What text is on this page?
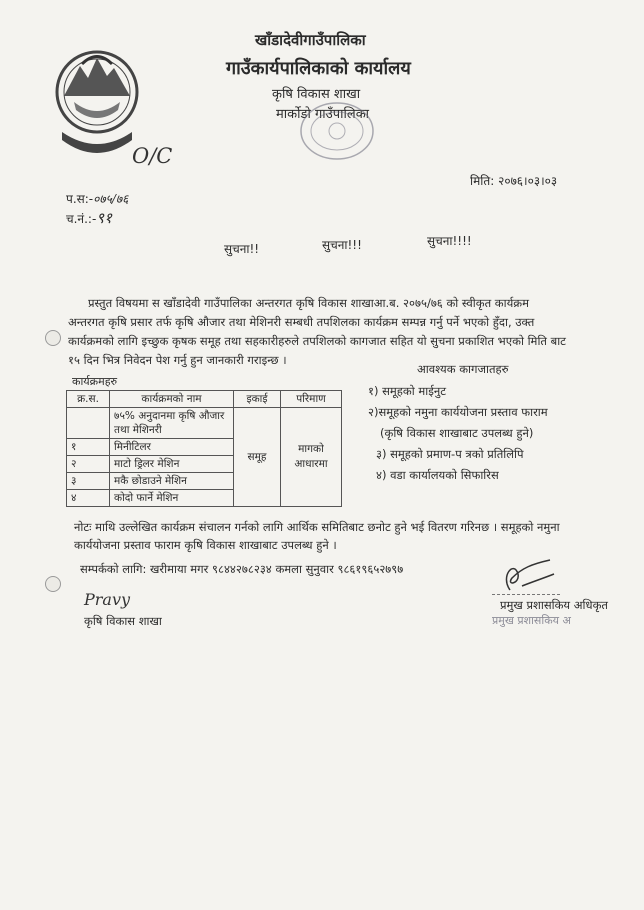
खाँडादेवीगाउँपालिका
गाउँकार्यपालिकाको कार्यालय
कृषि विकास शाखा
मार्कोडो गाउँपालिका
O/C
मिति: २०७६।०३।०३
प.स:-०७५/७६
च.नं.:-९१
सुचना!!	सुचना!!!	सुचना!!!!
प्रस्तुत विषयमा स खाँडादेवी गाउँपालिका अन्तरगत कृषि विकास शाखाआ.ब. २०७५/७६ को स्वीकृत कार्यक्रम
अन्तरगत कृषि प्रसार तर्फ कृषि औजार तथा मेशिनरी सम्बधी तपशिलका कार्यक्रम सम्पन्न गर्नु पर्ने भएको हुँदा, उक्त
कार्यक्रमको लागि इच्छुक कृषक समूह तथा सहकारीहरुले तपशिलको कागजात सहित यो सुचना प्रकाशित भएको मिति बाट
१५ दिन भित्र निवेदन पेश गर्नु हुन जानकारी गराइन्छ ।
कार्यक्रमहरु
क्र.स.	कार्यक्रमको नाम	इकाई	परिमाण
	७५% अनुदानमा कृषि औजार तथा मेशिनरी	समूह	मागको आधारमा
१	मिनीटिलर		
२	माटो ड्रिलर मेशिन		
३	मकै छोडाउने मेशिन		
४	कोदो फार्ने मेशिन		
आवश्यक कागजातहरु
१) समूहको माईनुट
२)समूहको नमुना कार्ययोजना प्रस्ताव फाराम
(कृषि विकास शाखाबाट उपलब्ध हुने)
३) समूहको प्रमाण-प त्रको प्रतिलिपि
४) वडा कार्यालयको सिफारिस
नोटः माथि उल्लेखित कार्यक्रम संचालन गर्नको लागि आर्थिक समितिबाट छनोट हुने भई वितरण गरिनछ । समूहको नमुना
कार्ययोजना प्रस्ताव फाराम कृषि विकास शाखाबाट उपलब्ध हुने ।
सम्पर्कको लागि: खरीमाया मगर ९८४४२७८२३४ कमला सुनुवार ९८६१९६५२७९७
Pravy
कृषि विकास शाखा
प्रमुख प्रशासकिय अधिकृत
प्रमुख प्रशासकिय अ
